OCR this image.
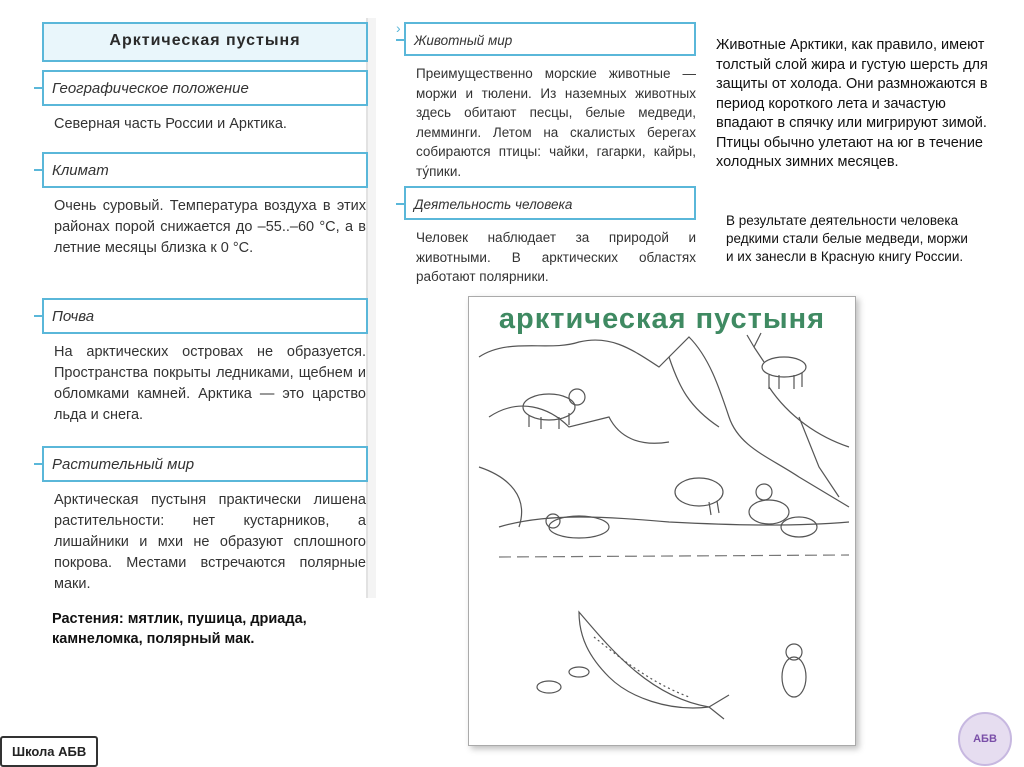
Арктическая пустыня
Географическое положение
Северная часть России и Арктика.
Климат
Очень суровый. Температура воздуха в этих районах порой снижается до –55..–60 °С, а в летние месяцы близка к 0 °С.
Почва
На арктических островах не образуется. Пространства покрыты ледниками, щебнем и обломками камней. Арктика — это царство льда и снега.
Растительный мир
Арктическая пустыня практически лишена растительности: нет кустарников, а лишайники и мхи не образуют сплошного покрова. Местами встречаются полярные маки.
Растения: мятлик, пушица, дриада, камнеломка, полярный мак.
›
Животный мир
Преимущественно морские животные — моржи и тюлени. Из наземных животных здесь обитают песцы, белые медведи, лемминги. Летом на скалистых берегах собираются птицы: чайки, гагарки, кайры, ту́пики.
Деятельность человека
Человек наблюдает за природой и животными. В арктических областях работают полярники.
Животные Арктики, как правило, имеют толстый слой жира и густую шерсть для защиты от холода. Они размножаются в период короткого лета и зачастую впадают в спячку или мигрируют зимой. Птицы обычно улетают на юг в течение холодных зимних месяцев.
В результате деятельности человека редкими стали белые медведи, моржи и их занесли в Красную книгу России.
арктическая пустыня
АБВ
Школа АБВ
